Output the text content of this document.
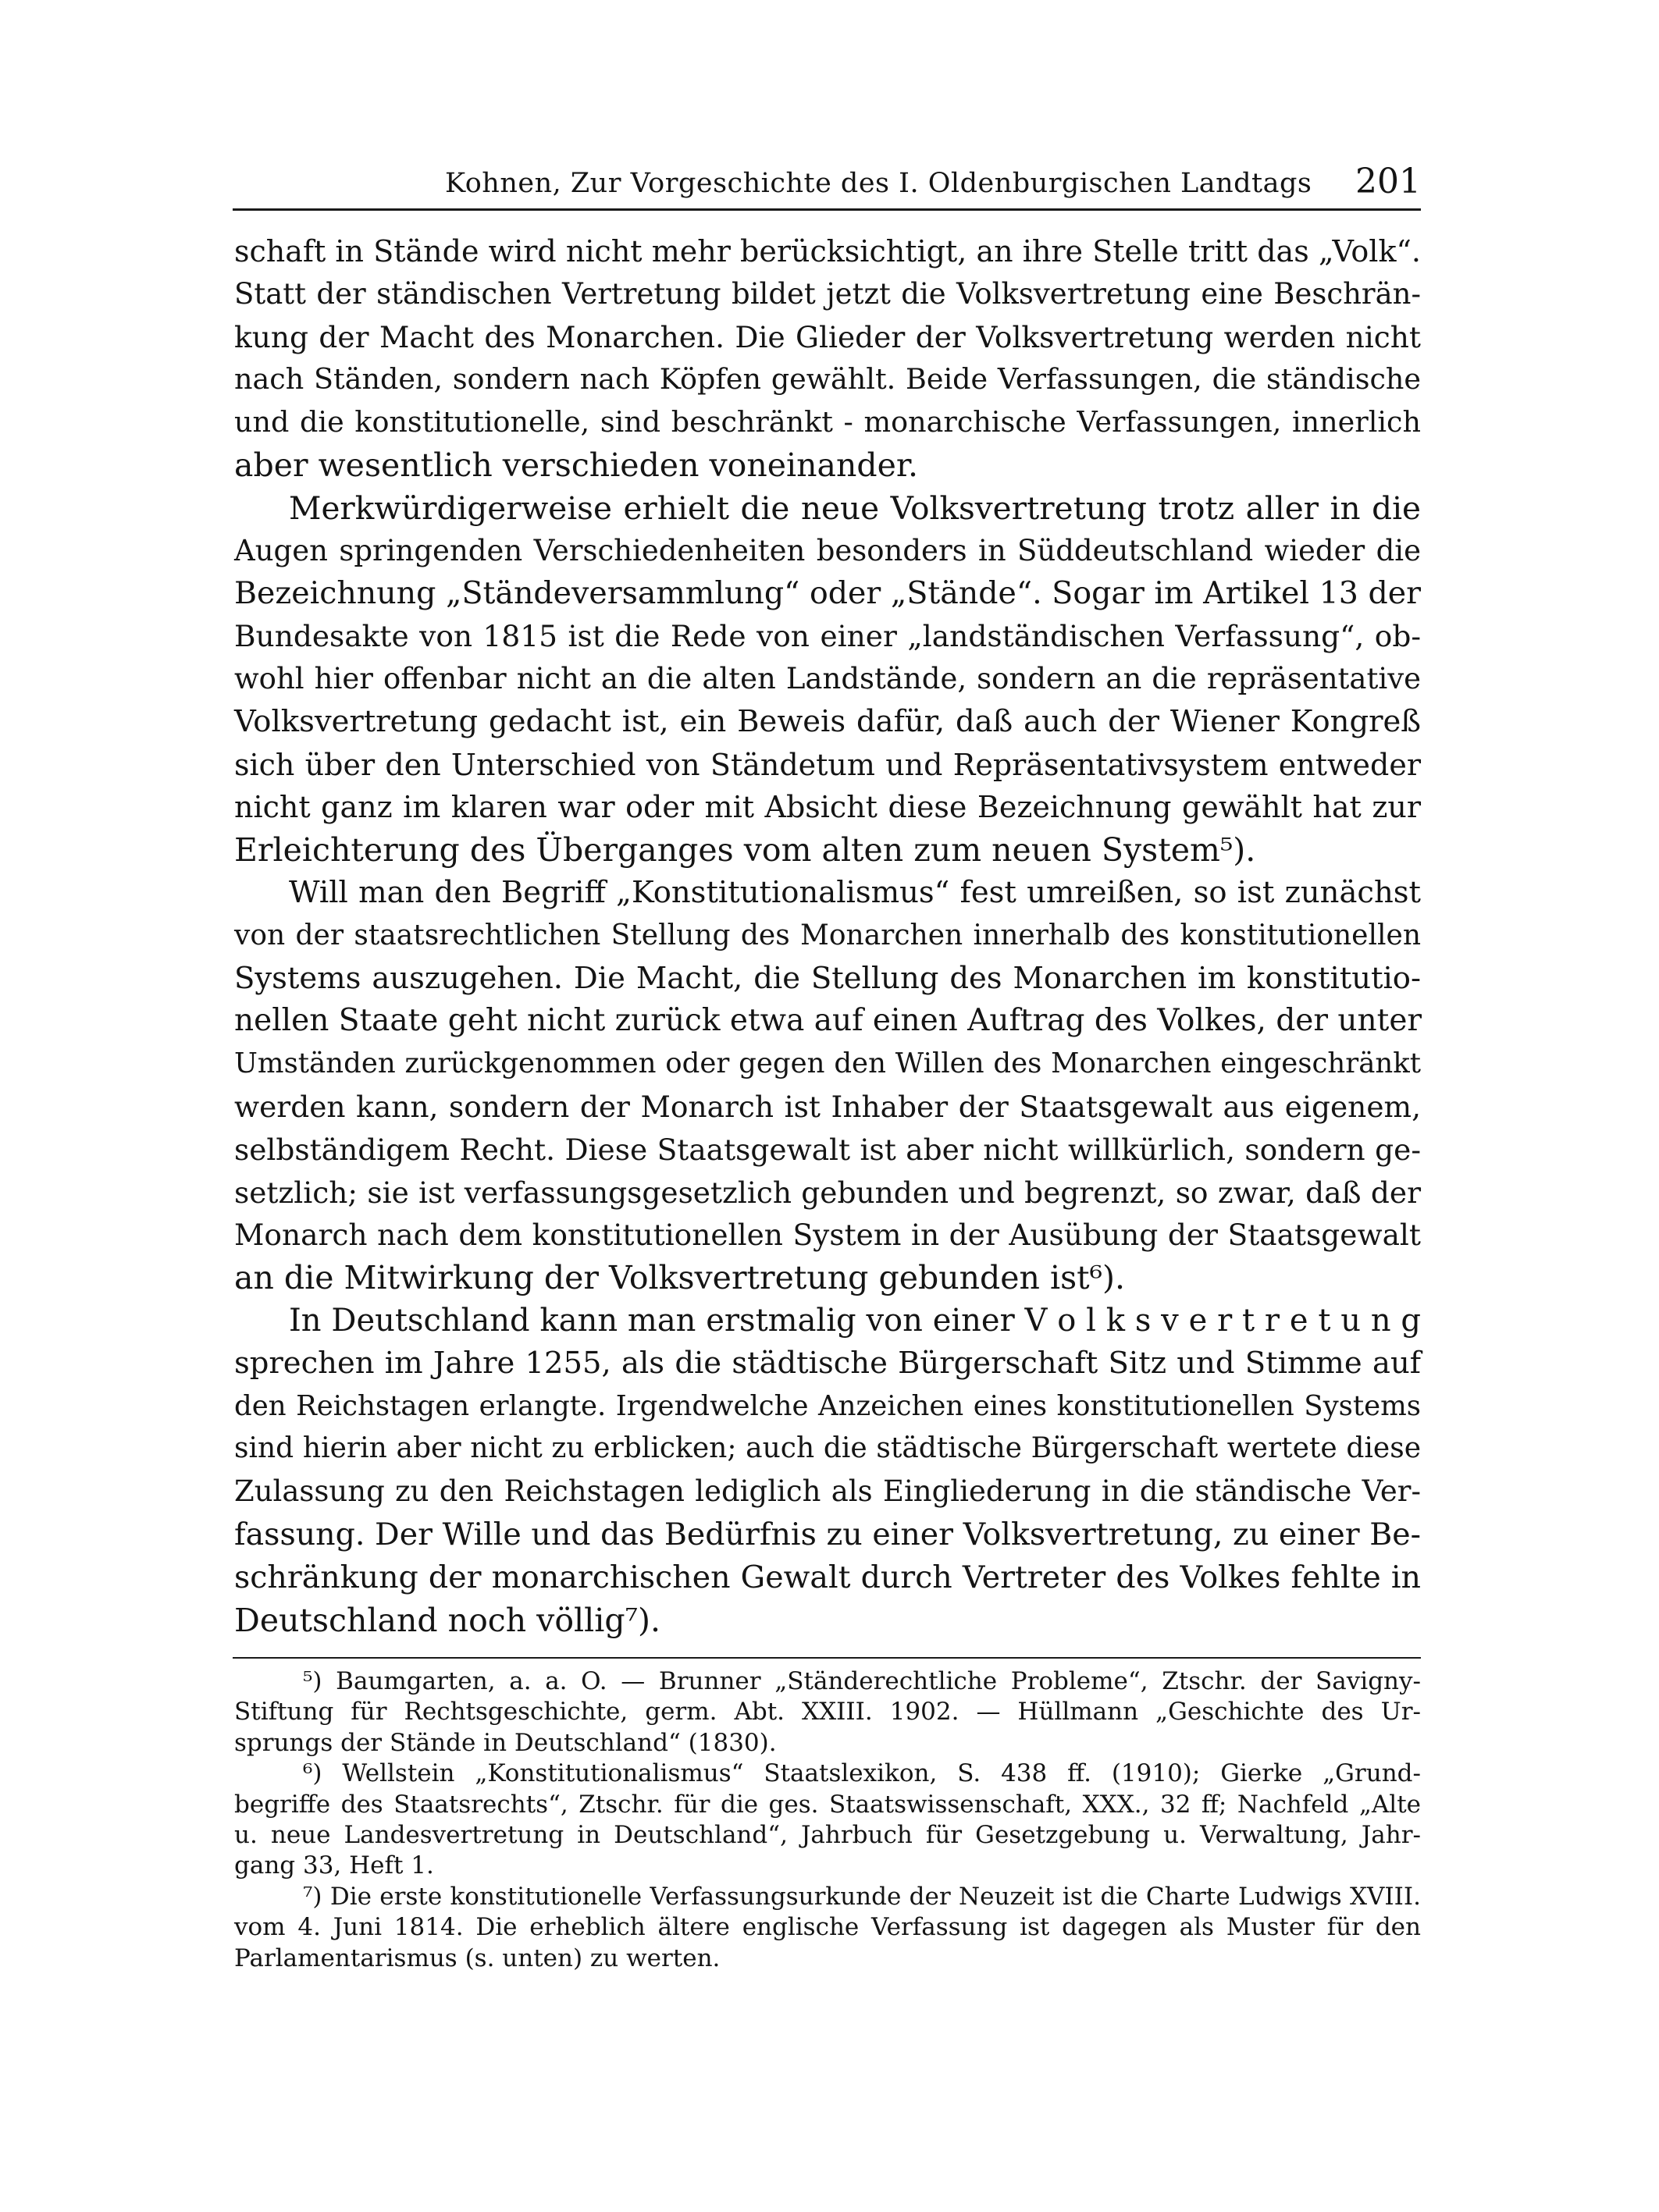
Kohnen, Zur Vorgeschichte des I. Oldenburgischen Landtags 201
schaft in Stände wird nicht mehr berücksichtigt, an ihre Stelle tritt das „Volk“.
Statt der ständischen Vertretung bildet jetzt die Volksvertretung eine Beschrän-
kung der Macht des Monarchen. Die Glieder der Volksvertretung werden nicht
nach Ständen, sondern nach Köpfen gewählt. Beide Verfassungen, die ständische
und die konstitutionelle, sind beschränkt - monarchische Verfassungen, innerlich
aber wesentlich verschieden voneinander.
Merkwürdigerweise erhielt die neue Volksvertretung trotz aller in die
Augen springenden Verschiedenheiten besonders in Süddeutschland wieder die
Bezeichnung „Ständeversammlung“ oder „Stände“. Sogar im Artikel 13 der
Bundesakte von 1815 ist die Rede von einer „landständischen Verfassung“, ob-
wohl hier offenbar nicht an die alten Landstände, sondern an die repräsentative
Volksvertretung gedacht ist, ein Beweis dafür, daß auch der Wiener Kongreß
sich über den Unterschied von Ständetum und Repräsentativsystem entweder
nicht ganz im klaren war oder mit Absicht diese Bezeichnung gewählt hat zur
Erleichterung des Überganges vom alten zum neuen System⁵).
Will man den Begriff „Konstitutionalismus“ fest umreißen, so ist zunächst
von der staatsrechtlichen Stellung des Monarchen innerhalb des konstitutionellen
Systems auszugehen. Die Macht, die Stellung des Monarchen im konstitutio-
nellen Staate geht nicht zurück etwa auf einen Auftrag des Volkes, der unter
Umständen zurückgenommen oder gegen den Willen des Monarchen eingeschränkt
werden kann, sondern der Monarch ist Inhaber der Staatsgewalt aus eigenem,
selbständigem Recht. Diese Staatsgewalt ist aber nicht willkürlich, sondern ge-
setzlich; sie ist verfassungsgesetzlich gebunden und begrenzt, so zwar, daß der
Monarch nach dem konstitutionellen System in der Ausübung der Staatsgewalt
an die Mitwirkung der Volksvertretung gebunden ist⁶).
In Deutschland kann man erstmalig von einer V o l k s v e r t r e t u n g
sprechen im Jahre 1255, als die städtische Bürgerschaft Sitz und Stimme auf
den Reichstagen erlangte. Irgendwelche Anzeichen eines konstitutionellen Systems
sind hierin aber nicht zu erblicken; auch die städtische Bürgerschaft wertete diese
Zulassung zu den Reichstagen lediglich als Eingliederung in die ständische Ver-
fassung. Der Wille und das Bedürfnis zu einer Volksvertretung, zu einer Be-
schränkung der monarchischen Gewalt durch Vertreter des Volkes fehlte in
Deutschland noch völlig⁷).
⁵) Baumgarten, a. a. O. — Brunner „Ständerechtliche Probleme“, Ztschr. der Savigny-
Stiftung für Rechtsgeschichte, germ. Abt. XXIII. 1902. — Hüllmann „Geschichte des Ur-
sprungs der Stände in Deutschland“ (1830).
⁶) Wellstein „Konstitutionalismus“ Staatslexikon, S. 438 ff. (1910); Gierke „Grund-
begriffe des Staatsrechts“, Ztschr. für die ges. Staatswissenschaft, XXX., 32 ff; Nachfeld „Alte
u. neue Landesvertretung in Deutschland“, Jahrbuch für Gesetzgebung u. Verwaltung, Jahr-
gang 33, Heft 1.
⁷) Die erste konstitutionelle Verfassungsurkunde der Neuzeit ist die Charte Ludwigs XVIII.
vom 4. Juni 1814. Die erheblich ältere englische Verfassung ist dagegen als Muster für den
Parlamentarismus (s. unten) zu werten.
